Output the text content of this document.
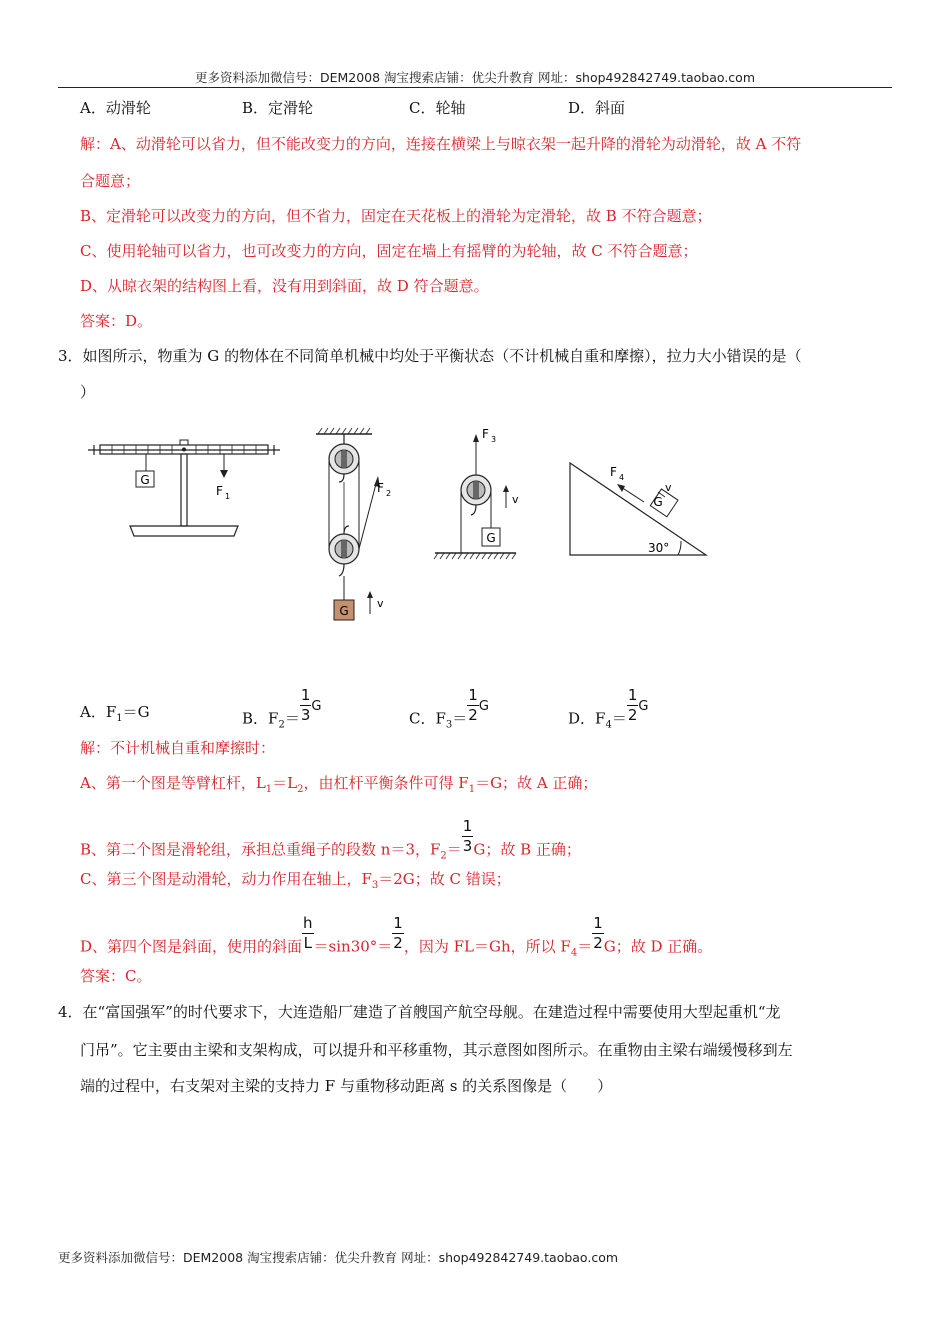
更多资料添加微信号：DEM2008 淘宝搜索店铺：优尖升教育 网址：shop492842749.taobao.com
A．动滑轮	B．定滑轮	C．轮轴	D．斜面
解：A、动滑轮可以省力，但不能改变力的方向，连接在横梁上与晾衣架一起升降的滑轮为动滑轮，故 A 不符
合题意；
B、定滑轮可以改变力的方向，但不省力，固定在天花板上的滑轮为定滑轮，故 B 不符合题意；
C、使用轮轴可以省力，也可改变力的方向，固定在墙上有摇臂的为轮轴，故 C 不符合题意；
D、从晾衣架的结构图上看，没有用到斜面，故 D 符合题意。
答案：D。
3．如图所示，物重为 G 的物体在不同简单机械中均处于平衡状态（不计机械自重和摩擦），拉力大小错误的是（
）
G
F 1
F 2
G
v
F 3
G
v
30°
G
F 4
v
A．$F_1=G$	B．$F_2= \frac{1}{3}$ G
C．$F_3= \frac{1}{2}$ G
D．$F_4= \frac{1}{2}$ G
解：不计机械自重和摩擦时：
A、第一个图是等臂杠杆，$L_1=L_2$，由杠杆平衡条件可得 $F_1=G$；故 A 正确；
B、第二个图是滑轮组，承担总重绳子的段数 n＝3，$F_2= \frac{1}{3}$ G；故 B 正确；
C、第三个图是动滑轮，动力作用在轴上，$F_3=2G$；故 C 错误；
D、第四个图是斜面，使用的斜面 $\frac{h}{L} =\sin 30^\circ= \frac{1}{2}$ ，因为 FL＝Gh，所以 $F_4= \frac{1}{2}$ G；故 D 正确。
答案：C。
4．在“富国强军”的时代要求下，大连造船厂建造了首艘国产航空母舰。在建造过程中需要使用大型起重机“龙
门吊”。它主要由主梁和支架构成，可以提升和平移重物，其示意图如图所示。在重物由主梁右端缓慢移到左
端的过程中，右支架对主梁的支持力 F 与重物移动距离 s 的关系图像是（　　）
更多资料添加微信号：DEM2008 淘宝搜索店铺：优尖升教育 网址：shop492842749.taobao.com
